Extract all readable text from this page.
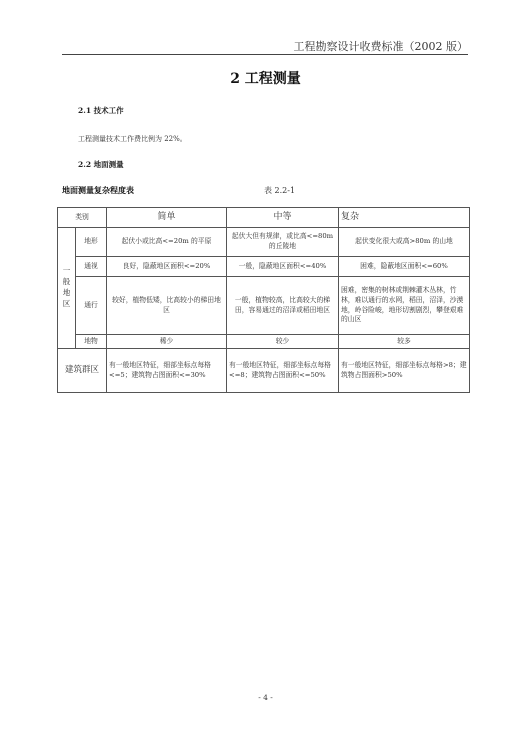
工程勘察设计收费标准（2002 版）
2 工程测量
2.1 技术工作
工程测量技术工作费比例为 22%。
2.2 地面测量
地面测量复杂程度表	表 2.2-1
类别		简单	中等	复杂
一般地区	地形	起伏小或比高<=20m 的平原	起伏大但有规律，或比高<=80m 的丘陵地	起伏变化很大或高>80m 的山地
	通视	良好，隐蔽地区面积<=20%	一般，隐蔽地区面积<=40%	困难，隐蔽地区面积<=60%
	通行	较好，植物低矮，比高较小的梯田地区	一般，植物较高，比高较大的梯田，容易通过的沼泽或稻田地区	困难，密集的树林或荆棘灌木丛林，竹林，难以通行的水网，稻田，沼泽，沙漠地，岭谷险峻，地形切割剧烈，攀登艰难的山区
	地物	稀少	较少	较多
建筑群区		有一般地区特征，细部坐标点每格<=5；建筑物占图面积<=30%	有一般地区特征，细部坐标点每格<=8；建筑物占图面积<=50%	有一般地区特征，细部坐标点每格>8；建筑物占图面积>50%
- 4 -
